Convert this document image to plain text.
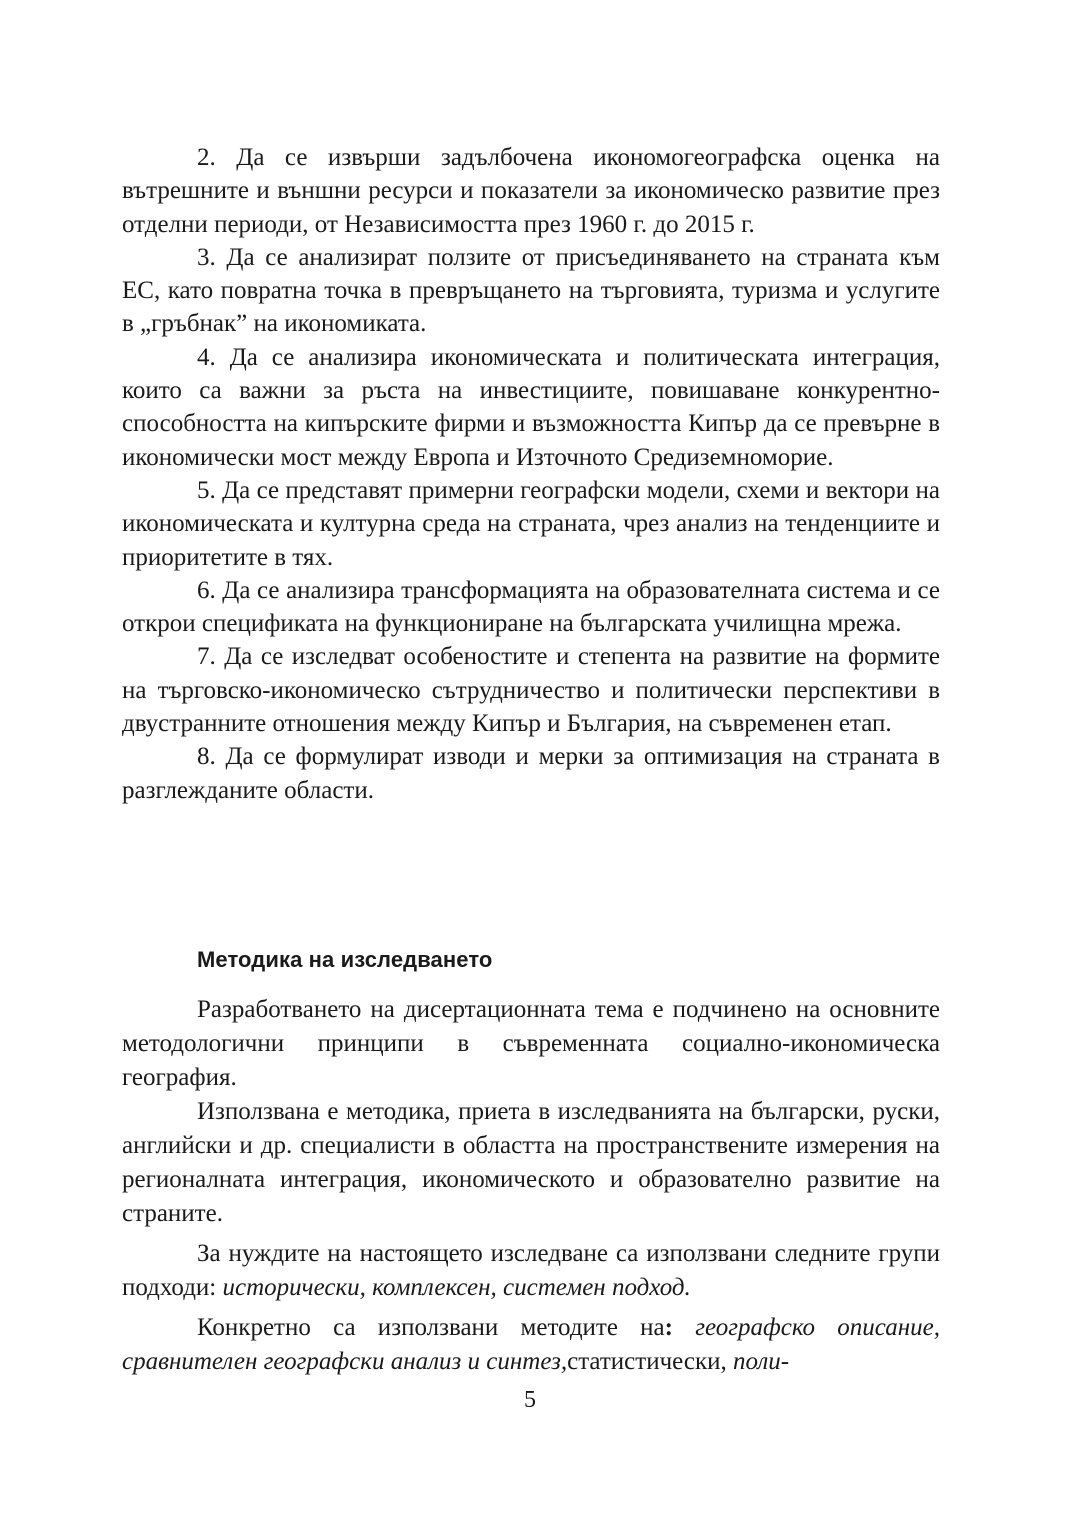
2. Да се извърши задълбочена икономогеографска оценка на вътрешните и външни ресурси и показатели за икономическо развитие през отделни периоди, от Независимостта през 1960 г. до 2015 г.

3. Да се анализират ползите от присъединяването на страната към ЕС, като повратна точка в превръщането на търговията, туризма и услугите в „гръбнак” на икономиката.

4. Да се анализира икономическата и политическата интеграция, които са важни за ръста на инвестициите, повишаване конкурентноспособността на кипърските фирми и възможността Кипър да се превърне в икономически мост между Европа и Източното Средиземноморие.

5. Да се представят примерни географски модели, схеми и вектори на икономическата и културна среда на страната, чрез анализ на тенденциите и приоритетите в тях.

6. Да се анализира трансформацията на образователната система и се открои спецификата на функциониране на българската училищна мрежа.

7. Да се изследват особеностите и степента на развитие на формите на търговско-икономическо сътрудничество и политически перспективи в двустранните отношения между Кипър и България, на съвременен етап.

8. Да се формулират изводи и мерки за оптимизация на страната в разглежданите области.

Методика на изследването

Разработването на дисертационната тема е подчинено на основните методологични принципи в съвременната социално-икономическа география.

Използвана е методика, приета в изследванията на български, руски, английски и др. специалисти в областта на пространствените измерения на регионалната интеграция, икономическото и образователно развитие на страните.

За нуждите на настоящето изследване са използвани следните групи подходи: исторически, комплексен, системен подход.

Конкретно са използвани методите на: географско описание, сравнителен географски анализ и синтез,статистически, поли-

5
